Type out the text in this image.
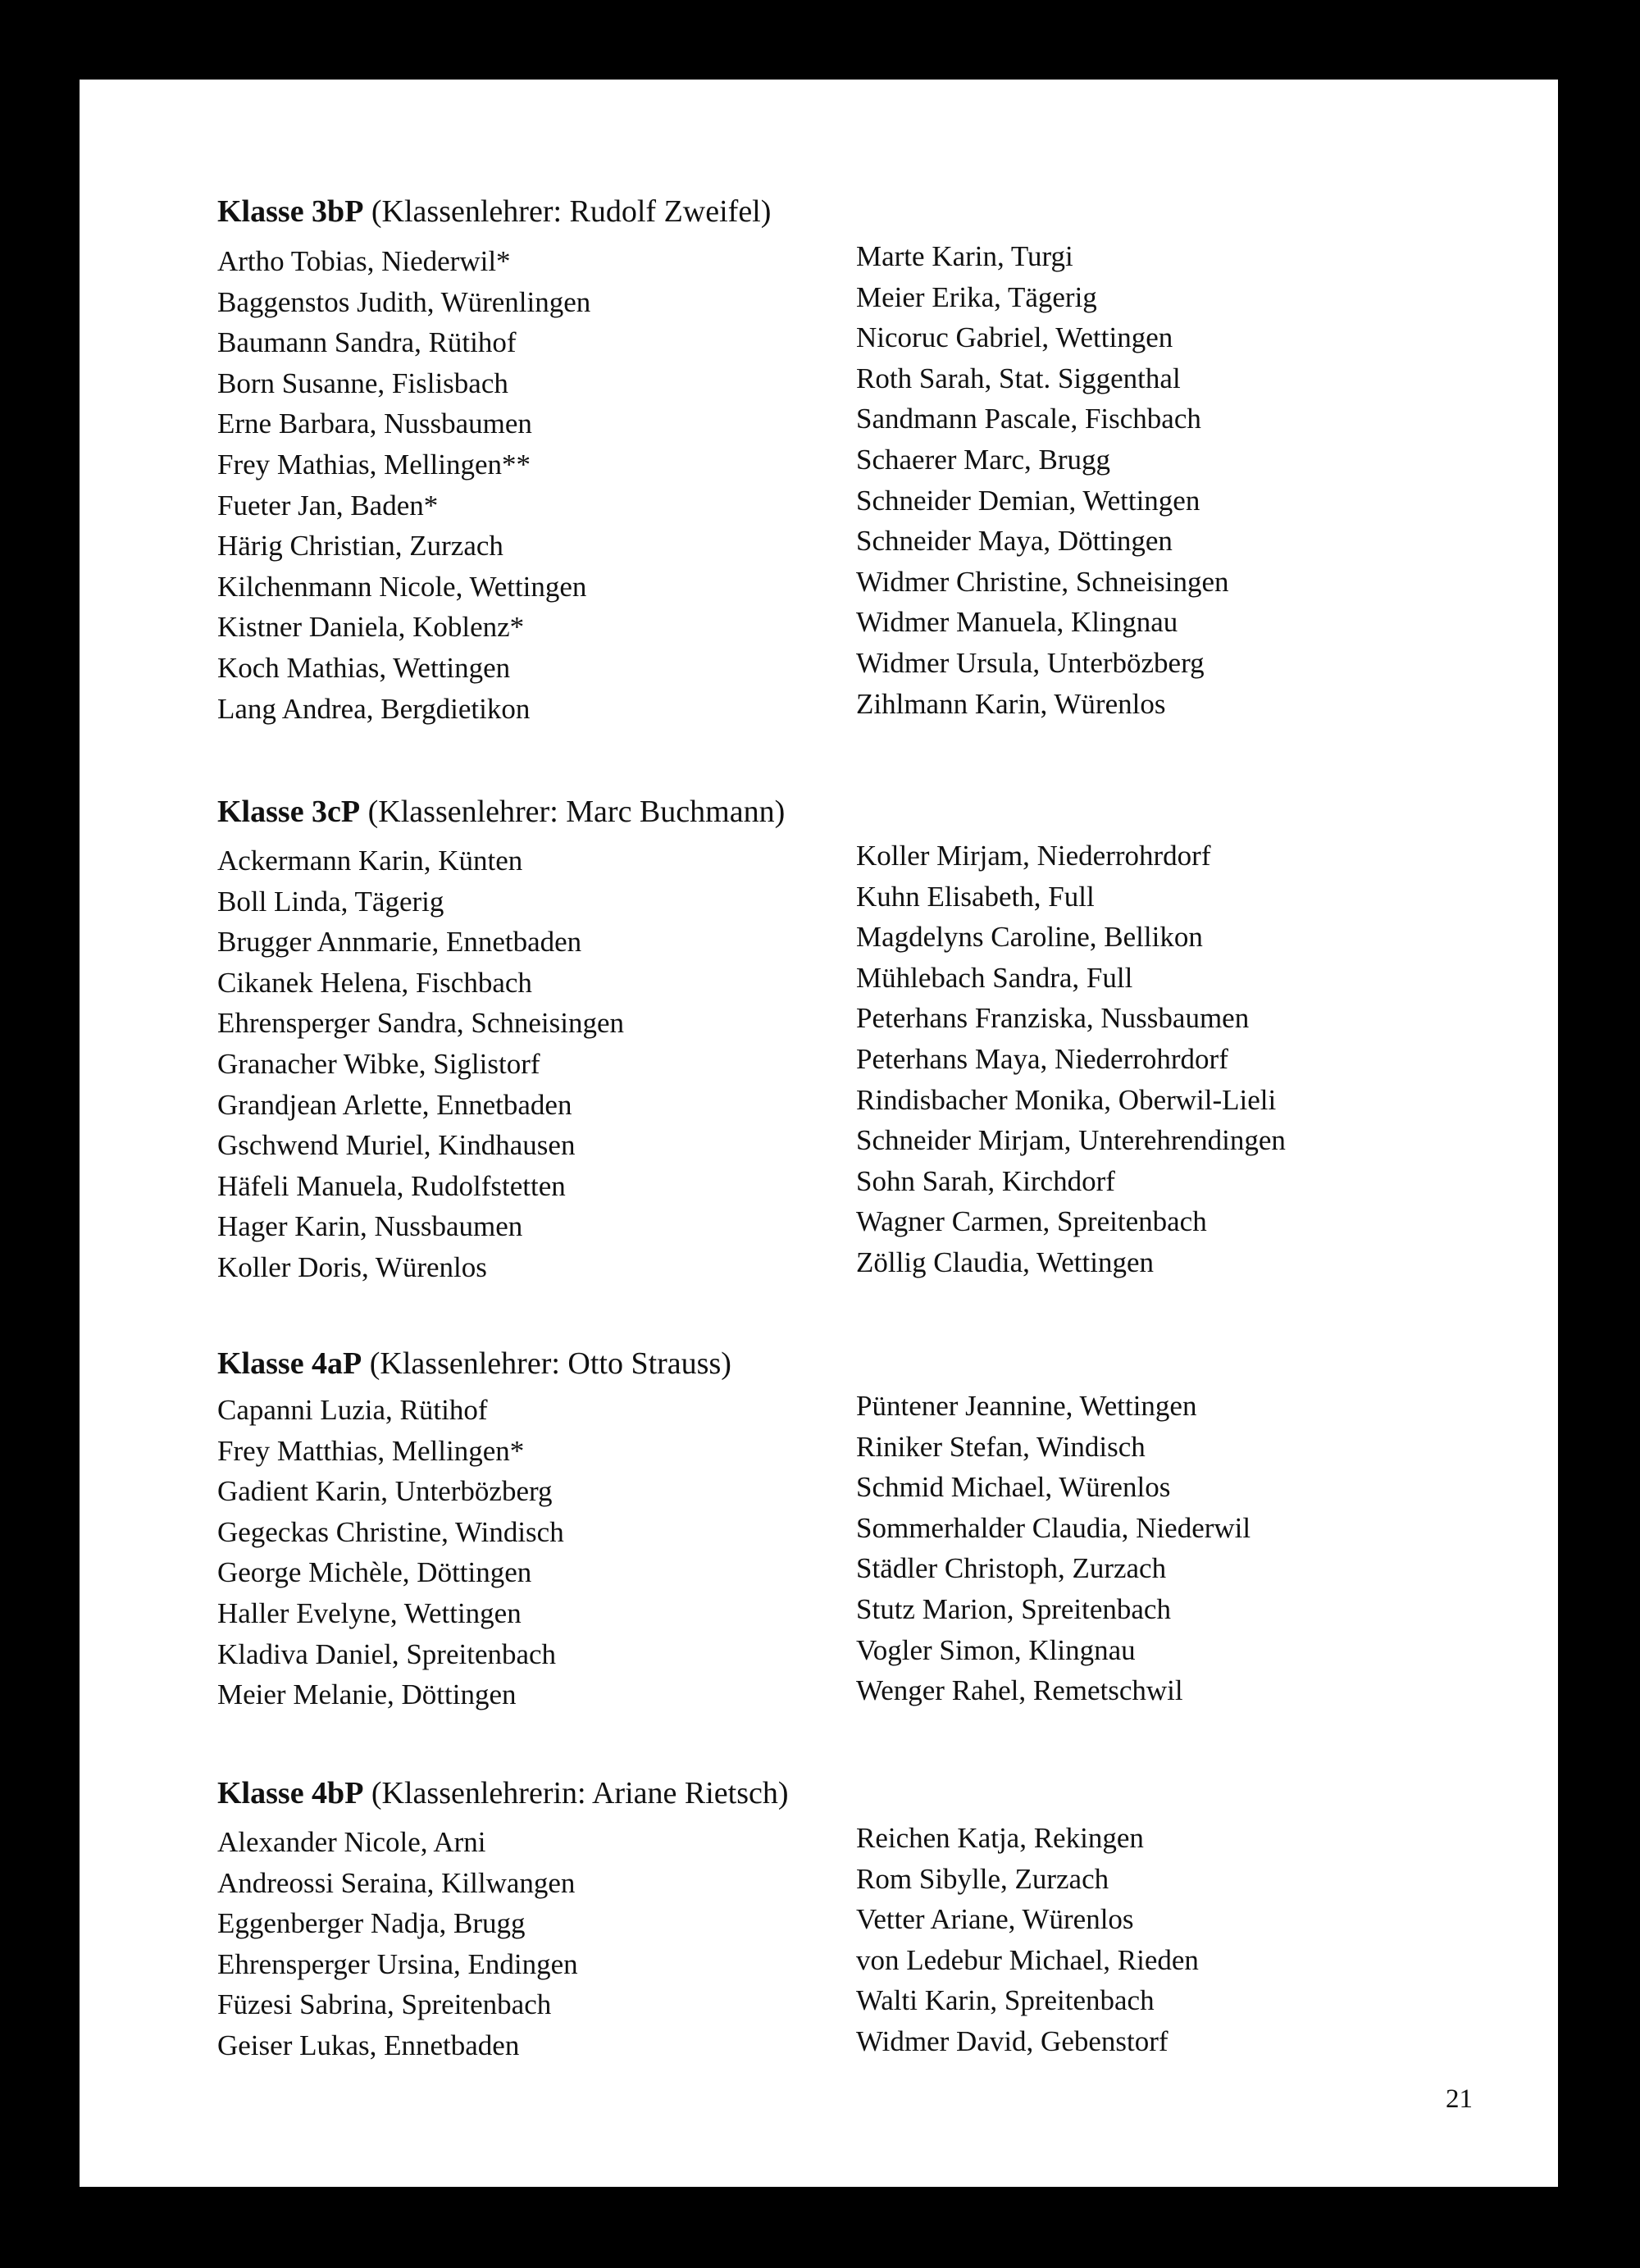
Klasse 3bP (Klassenlehrer: Rudolf Zweifel)
Artho Tobias, Niederwil*
Baggenstos Judith, Würenlingen
Baumann Sandra, Rütihof
Born Susanne, Fislisbach
Erne Barbara, Nussbaumen
Frey Mathias, Mellingen**
Fueter Jan, Baden*
Härig Christian, Zurzach
Kilchenmann Nicole, Wettingen
Kistner Daniela, Koblenz*
Koch Mathias, Wettingen
Lang Andrea, Bergdietikon
Marte Karin, Turgi
Meier Erika, Tägerig
Nicoruc Gabriel, Wettingen
Roth Sarah, Stat. Siggenthal
Sandmann Pascale, Fischbach
Schaerer Marc, Brugg
Schneider Demian, Wettingen
Schneider Maya, Döttingen
Widmer Christine, Schneisingen
Widmer Manuela, Klingnau
Widmer Ursula, Unterbözberg
Zihlmann Karin, Würenlos
Klasse 3cP (Klassenlehrer: Marc Buchmann)
Ackermann Karin, Künten
Boll Linda, Tägerig
Brugger Annmarie, Ennetbaden
Cikanek Helena, Fischbach
Ehrensperger Sandra, Schneisingen
Granacher Wibke, Siglistorf
Grandjean Arlette, Ennetbaden
Gschwend Muriel, Kindhausen
Häfeli Manuela, Rudolfstetten
Hager Karin, Nussbaumen
Koller Doris, Würenlos
Koller Mirjam, Niederrohrdorf
Kuhn Elisabeth, Full
Magdelyns Caroline, Bellikon
Mühlebach Sandra, Full
Peterhans Franziska, Nussbaumen
Peterhans Maya, Niederrohrdorf
Rindisbacher Monika, Oberwil-Lieli
Schneider Mirjam, Unterehrendingen
Sohn Sarah, Kirchdorf
Wagner Carmen, Spreitenbach
Zöllig Claudia, Wettingen
Klasse 4aP (Klassenlehrer: Otto Strauss)
Capanni Luzia, Rütihof
Frey Matthias, Mellingen*
Gadient Karin, Unterbözberg
Gegeckas Christine, Windisch
George Michèle, Döttingen
Haller Evelyne, Wettingen
Kladiva Daniel, Spreitenbach
Meier Melanie, Döttingen
Püntener Jeannine, Wettingen
Riniker Stefan, Windisch
Schmid Michael, Würenlos
Sommerhalder Claudia, Niederwil
Städler Christoph, Zurzach
Stutz Marion, Spreitenbach
Vogler Simon, Klingnau
Wenger Rahel, Remetschwil
Klasse 4bP (Klassenlehrerin: Ariane Rietsch)
Alexander Nicole, Arni
Andreossi Seraina, Killwangen
Eggenberger Nadja, Brugg
Ehrensperger Ursina, Endingen
Füzesi Sabrina, Spreitenbach
Geiser Lukas, Ennetbaden
Reichen Katja, Rekingen
Rom Sibylle, Zurzach
Vetter Ariane, Würenlos
von Ledebur Michael, Rieden
Walti Karin, Spreitenbach
Widmer David, Gebenstorf
21
